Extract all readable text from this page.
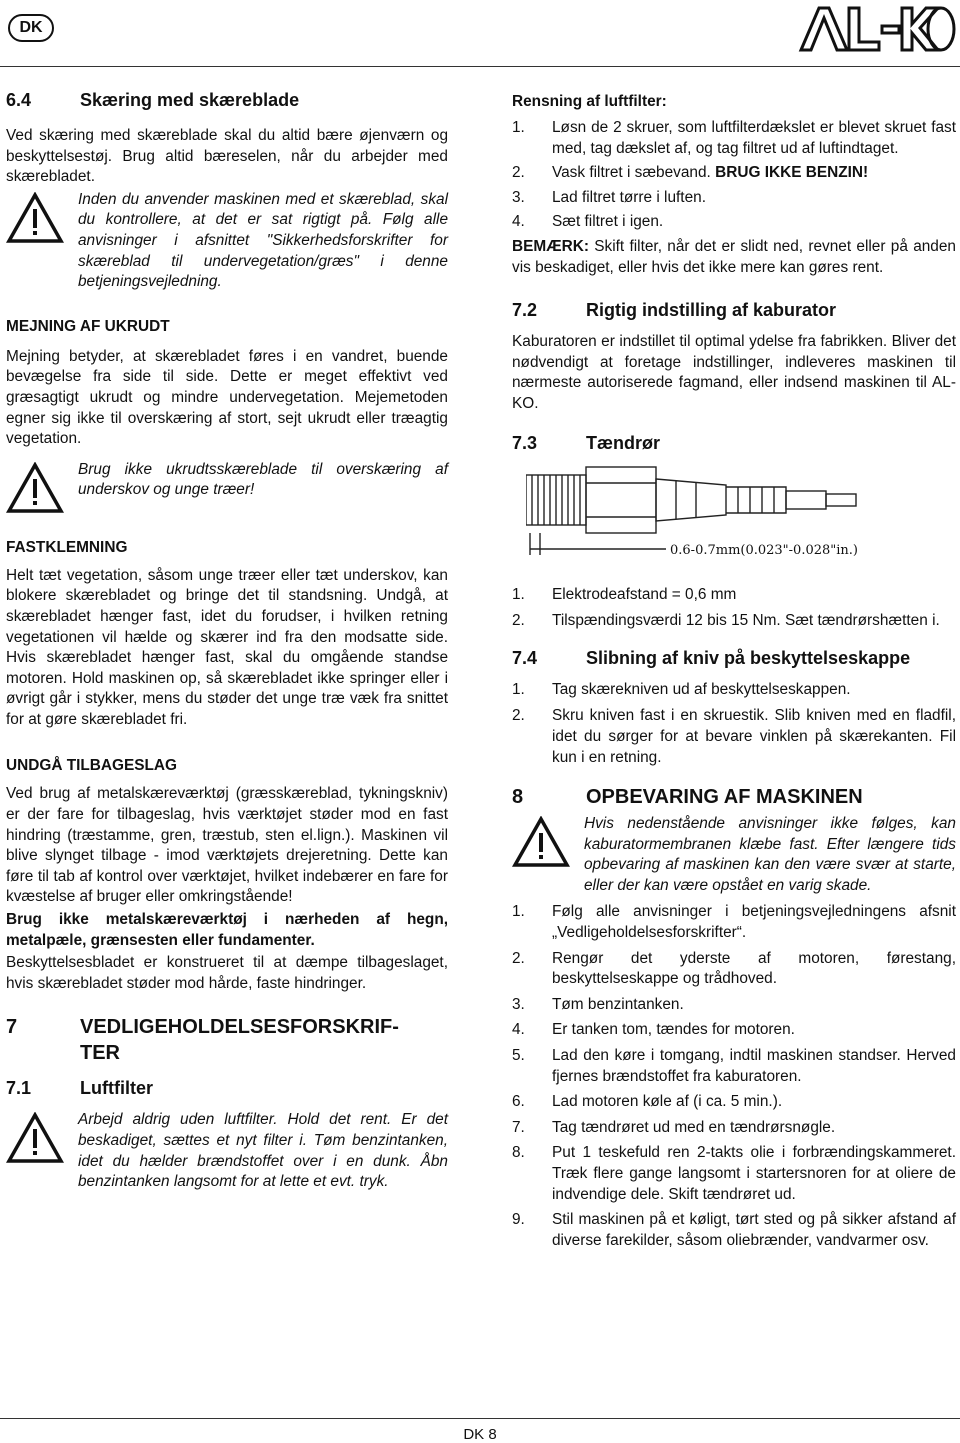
DK
6.4	Skæring med skæreblade

Ved skæring med skæreblade skal du altid bære øjenværn og beskyttelsestøj. Brug altid bæreselen, når du arbejder med skærebladet.

Inden du anvender maskinen med et skæreblad, skal du kontrollere, at det er sat rigtigt på. Følg alle anvisninger i afsnittet "Sikkerhedsforskrifter for skæreblad til undervegetation/græs" i denne betjeningsvejledning.
MEJNING AF UKRUDT

Mejning betyder, at skærebladet føres i en vandret, buende bevægelse fra side til side. Dette er meget effektivt ved græsagtigt ukrudt og mindre undervegetation. Mejemetoden egner sig ikke til overskæring af stort, sejt ukrudt eller træagtig vegetation.

Brug ikke ukrudtsskæreblade til overskæring af underskov og unge træer!
FASTKLEMNING

Helt tæt vegetation, såsom unge træer eller tæt underskov, kan blokere skærebladet og bringe det til standsning. Undgå, at skærebladet hænger fast, idet du forudser, i hvilken retning vegetationen vil hælde og skærer ind fra den modsatte side. Hvis skærebladet hænger fast, skal du omgående standse motoren. Hold maskinen op, så skærebladet ikke springer eller i øvrigt går i stykker, mens du støder det unge træ væk fra snittet for at gøre skærebladet fri.

UNDGÅ TILBAGESLAG

Ved brug af metalskæreværktøj (græsskæreblad, tykningskniv) er der fare for tilbageslag, hvis værktøjet støder mod en fast hindring (træstamme, gren, træstub, sten el.lign.). Maskinen vil blive slynget tilbage - imod værktøjets drejeretning. Dette kan føre til tab af kontrol over værktøjet, hvilket indebærer en fare for kvæstelse af bruger eller omkringstående!

Brug ikke metalskæreværktøj i nærheden af hegn, metalpæle, grænsesten eller fundamenter.

Beskyttelsesbladet er konstrueret til at dæmpe tilbageslaget, hvis skærebladet støder mod hårde, faste hindringer.

7	VEDLIGEHOLDELSESFORSKRIF-TER
7.1	Luftfilter
Arbejd aldrig uden luftfilter. Hold det rent. Er det beskadiget, sættes et nyt filter i. Tøm benzintanken, idet du hælder brændstoffet over i en dunk. Åbn benzintanken langsomt for at lette et evt. tryk.
Rensning af luftfilter:
1.	Løsn de 2 skruer, som luftfilterdækslet er blevet skruet fast med, tag dækslet af, og tag filtret ud af luftindtaget.
2.	Vask filtret i sæbevand. BRUG IKKE BENZIN!
3.	Lad filtret tørre i luften.
4.	Sæt filtret i igen.

BEMÆRK: Skift filter, når det er slidt ned, revnet eller på anden vis beskadiget, eller hvis det ikke mere kan gøres rent.

7.2	Rigtig indstilling af kaburator

Kaburatoren er indstillet til optimal ydelse fra fabrikken. Bliver det nødvendigt at foretage indstillinger, indleveres maskinen til nærmeste autoriserede fagmand, eller indsend maskinen til AL-KO.

7.3	Tændrør
0.6-0.7mm(0.023"-0.028"in.)
1.	Elektrodeafstand = 0,6 mm
2.	Tilspændingsværdi 12 bis 15 Nm. Sæt tændrørshætten i.
7.4	Slibning af kniv på beskyttelseskappe
1.	Tag skærekniven ud af beskyttelseskappen.
2.	Skru kniven fast i en skruestik. Slib kniven med en fladfil, idet du sørger for at bevare vinklen på skærekanten. Fil kun i en retning.
8	OPBEVARING AF MASKINEN
Hvis nedenstående anvisninger ikke følges, kan kaburatormembranen klæbe fast. Efter længere tids opbevaring af maskinen kan den være svær at starte, eller der kan være opstået en varig skade.
1.	Følg alle anvisninger i betjeningsvejledningens afsnit „Vedligeholdelsesforskrifter“.
2.	Rengør det yderste af motoren, førestang, beskyttelseskappe og trådhoved.
3.	Tøm benzintanken.
4.	Er tanken tom, tændes for motoren.
5.	Lad den køre i tomgang, indtil maskinen standser. Herved fjernes brændstoffet fra kaburatoren.
6.	Lad motoren køle af (i ca. 5 min.).
7.	Tag tændrøret ud med en tændrørsnøgle.
8.	Put 1 teskefuld ren 2-takts olie i forbrændingskammeret. Træk flere gange langsomt i startersnoren for at oliere de indvendige dele. Skift tændrøret ud.
9.	Stil maskinen på et køligt, tørt sted og på sikker afstand af diverse farekilder, såsom oliebrænder, vandvarmer osv.
DK 8
